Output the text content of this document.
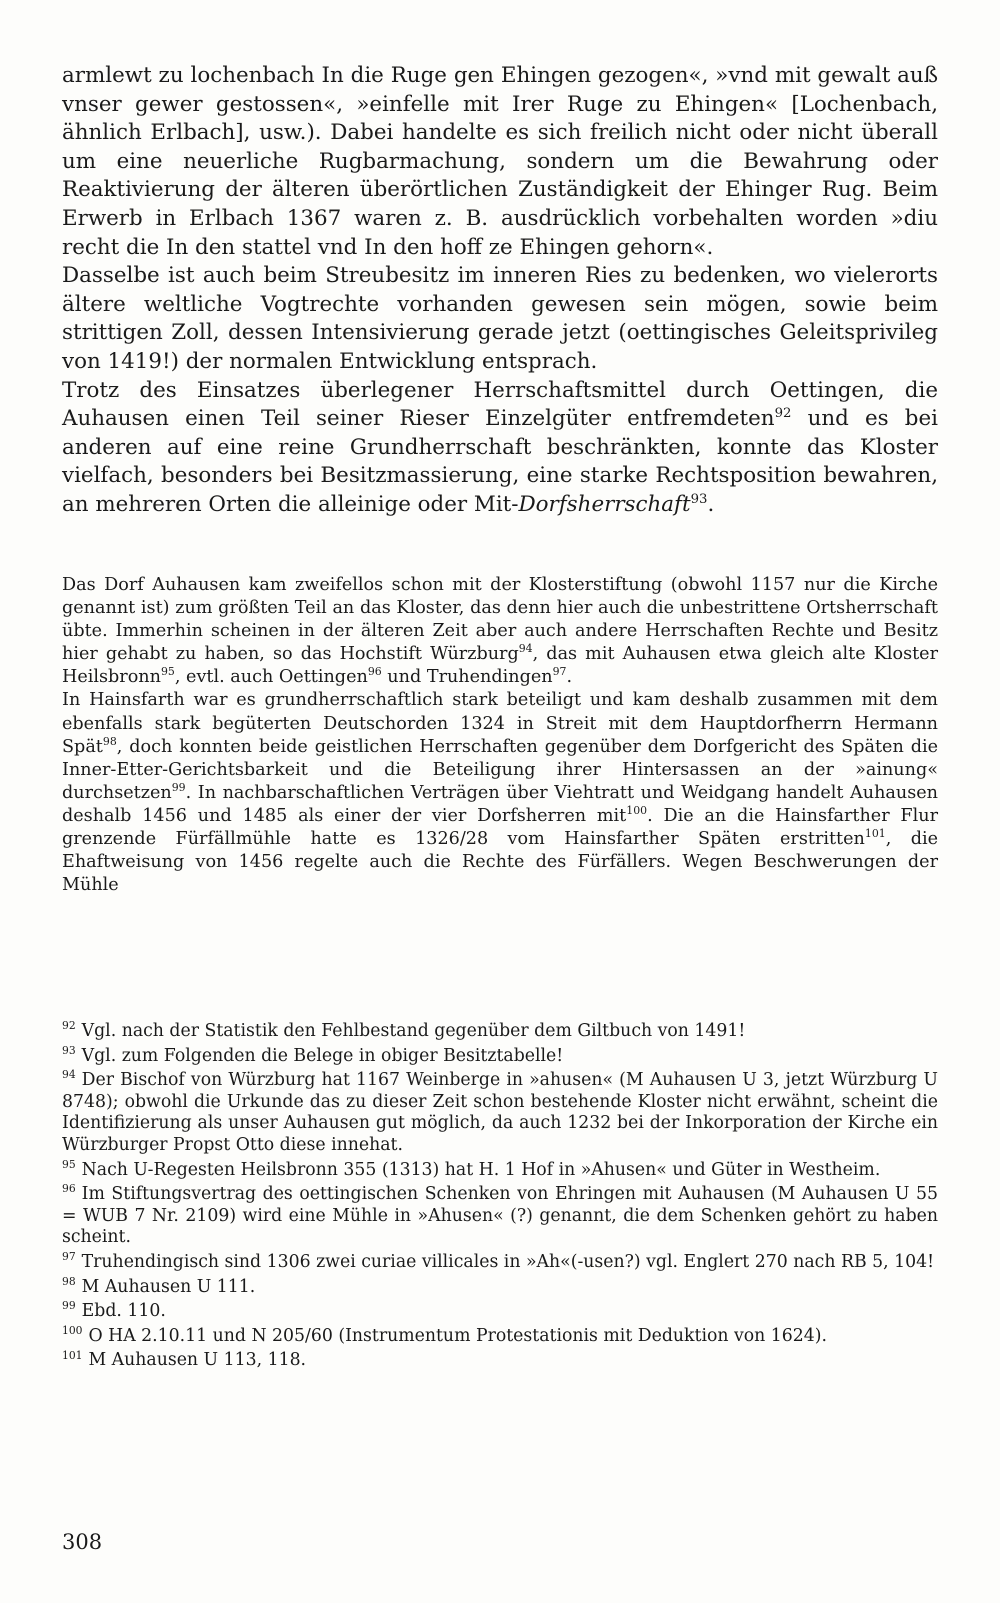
armlewt zu lochenbach In die Ruge gen Ehingen gezogen«, »vnd mit gewalt auß vnser gewer gestossen«, »einfelle mit Irer Ruge zu Ehingen« [Lochenbach, ähnlich Erlbach], usw.). Dabei handelte es sich freilich nicht oder nicht überall um eine neuerliche Rugbarmachung, sondern um die Bewahrung oder Reaktivierung der älteren überörtlichen Zuständigkeit der Ehinger Rug. Beim Erwerb in Erlbach 1367 waren z. B. ausdrücklich vorbehalten worden »diu recht die In den stattel vnd In den hoff ze Ehingen gehorn«.

Dasselbe ist auch beim Streubesitz im inneren Ries zu bedenken, wo vielerorts ältere weltliche Vogtrechte vorhanden gewesen sein mögen, sowie beim strittigen Zoll, dessen Intensivierung gerade jetzt (oettingisches Geleitsprivileg von 1419!) der normalen Entwicklung entsprach.

Trotz des Einsatzes überlegener Herrschaftsmittel durch Oettingen, die Auhausen einen Teil seiner Rieser Einzelgüter entfremdeten$^{92}$ und es bei anderen auf eine reine Grundherrschaft beschränkten, konnte das Kloster vielfach, besonders bei Besitzmassierung, eine starke Rechtsposition bewahren, an mehreren Orten die alleinige oder Mit-Dorfsherrschaft$^{93}$.

Das Dorf Auhausen kam zweifellos schon mit der Klosterstiftung (obwohl 1157 nur die Kirche genannt ist) zum größten Teil an das Kloster, das denn hier auch die unbestrittene Ortsherrschaft übte. Immerhin scheinen in der älteren Zeit aber auch andere Herrschaften Rechte und Besitz hier gehabt zu haben, so das Hochstift Würzburg$^{94}$, das mit Auhausen etwa gleich alte Kloster Heilsbronn$^{95}$, evtl. auch Oettingen$^{96}$ und Truhendingen$^{97}$.

In Hainsfarth war es grundherrschaftlich stark beteiligt und kam deshalb zusammen mit dem ebenfalls stark begüterten Deutschorden 1324 in Streit mit dem Hauptdorfherrn Hermann Spät$^{98}$, doch konnten beide geistlichen Herrschaften gegenüber dem Dorfgericht des Späten die Inner-Etter-Gerichtsbarkeit und die Beteiligung ihrer Hintersassen an der »ainung« durchsetzen$^{99}$. In nachbarschaftlichen Verträgen über Viehtratt und Weidgang handelt Auhausen deshalb 1456 und 1485 als einer der vier Dorfsherren mit$^{100}$. Die an die Hainsfarther Flur grenzende Fürfällmühle hatte es 1326/28 vom Hainsfarther Späten erstritten$^{101}$, die Ehaftweisung von 1456 regelte auch die Rechte des Fürfällers. Wegen Beschwerungen der Mühle

$^{92}$ Vgl. nach der Statistik den Fehlbestand gegenüber dem Giltbuch von 1491!

$^{93}$ Vgl. zum Folgenden die Belege in obiger Besitztabelle!

$^{94}$ Der Bischof von Würzburg hat 1167 Weinberge in »ahusen« (M Auhausen U 3, jetzt Würzburg U 8748); obwohl die Urkunde das zu dieser Zeit schon bestehende Kloster nicht erwähnt, scheint die Identifizierung als unser Auhausen gut möglich, da auch 1232 bei der Inkorporation der Kirche ein Würzburger Propst Otto diese innehat.

$^{95}$ Nach U-Regesten Heilsbronn 355 (1313) hat H. 1 Hof in »Ahusen« und Güter in Westheim.

$^{96}$ Im Stiftungsvertrag des oettingischen Schenken von Ehringen mit Auhausen (M Auhausen U 55 = WUB 7 Nr. 2109) wird eine Mühle in »Ahusen« (?) genannt, die dem Schenken gehört zu haben scheint.

$^{97}$ Truhendingisch sind 1306 zwei curiae villicales in »Ah«(-usen?) vgl. Englert 270 nach RB 5, 104!

$^{98}$ M Auhausen U 111.

$^{99}$ Ebd. 110.

$^{100}$ O HA 2.10.11 und N 205/60 (Instrumentum Protestationis mit Deduktion von 1624).

$^{101}$ M Auhausen U 113, 118.

308
